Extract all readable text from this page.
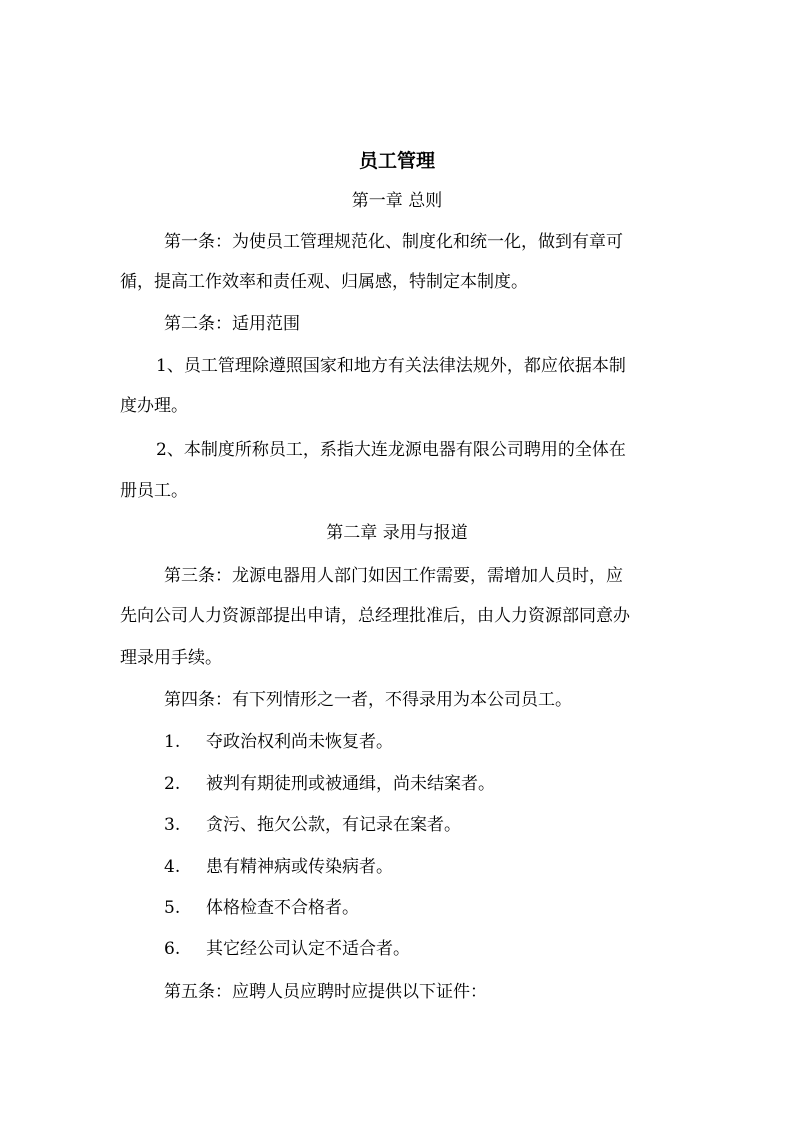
员工管理
第一章 总则
第一条：为使员工管理规范化、制度化和统一化，做到有章可
循，提高工作效率和责任观、归属感，特制定本制度。
第二条：适用范围
1、员工管理除遵照国家和地方有关法律法规外，都应依据本制
度办理。
2、本制度所称员工，系指大连龙源电器有限公司聘用的全体在
册员工。
第二章 录用与报道
第三条：龙源电器用人部门如因工作需要，需增加人员时，应
先向公司人力资源部提出申请，总经理批准后，由人力资源部同意办
理录用手续。
第四条：有下列情形之一者，不得录用为本公司员工。
1. 夺政治权利尚未恢复者。
2. 被判有期徒刑或被通缉，尚未结案者。
3. 贪污、拖欠公款，有记录在案者。
4. 患有精神病或传染病者。
5. 体格检查不合格者。
6. 其它经公司认定不适合者。
第五条：应聘人员应聘时应提供以下证件：
